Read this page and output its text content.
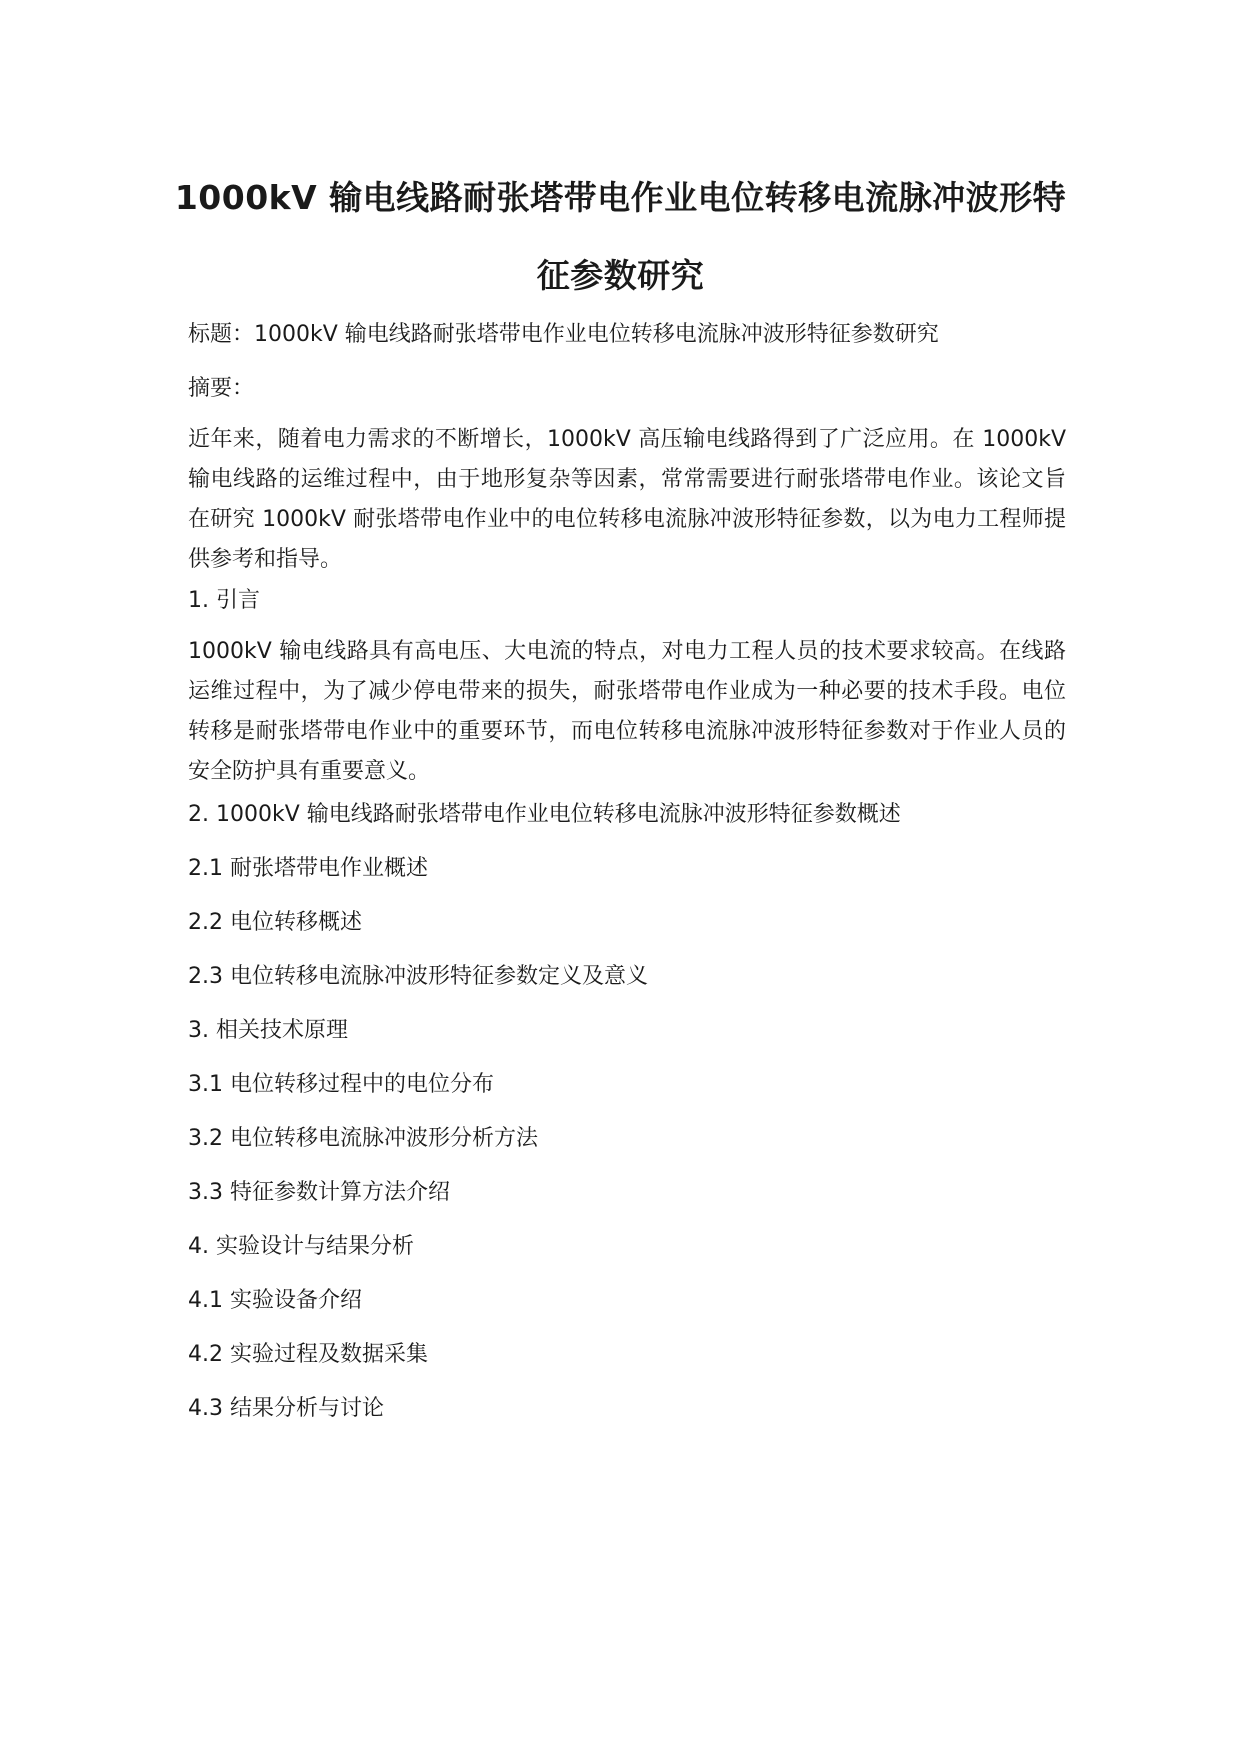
1000kV 输电线路耐张塔带电作业电位转移电流脉冲波形特
征参数研究

标题：1000kV 输电线路耐张塔带电作业电位转移电流脉冲波形特征参数研究

摘要：

近年来，随着电力需求的不断增长，1000kV 高压输电线路得到了广泛应用。在 1000kV 输电线路的运维过程中，由于地形复杂等因素，常常需要进行耐张塔带电作业。该论文旨在研究 1000kV 耐张塔带电作业中的电位转移电流脉冲波形特征参数，以为电力工程师提供参考和指导。

1. 引言

1000kV 输电线路具有高电压、大电流的特点，对电力工程人员的技术要求较高。在线路运维过程中，为了减少停电带来的损失，耐张塔带电作业成为一种必要的技术手段。电位转移是耐张塔带电作业中的重要环节，而电位转移电流脉冲波形特征参数对于作业人员的安全防护具有重要意义。

2. 1000kV 输电线路耐张塔带电作业电位转移电流脉冲波形特征参数概述

2.1 耐张塔带电作业概述

2.2 电位转移概述

2.3 电位转移电流脉冲波形特征参数定义及意义

3. 相关技术原理

3.1 电位转移过程中的电位分布

3.2 电位转移电流脉冲波形分析方法

3.3 特征参数计算方法介绍

4. 实验设计与结果分析

4.1 实验设备介绍

4.2 实验过程及数据采集

4.3 结果分析与讨论
